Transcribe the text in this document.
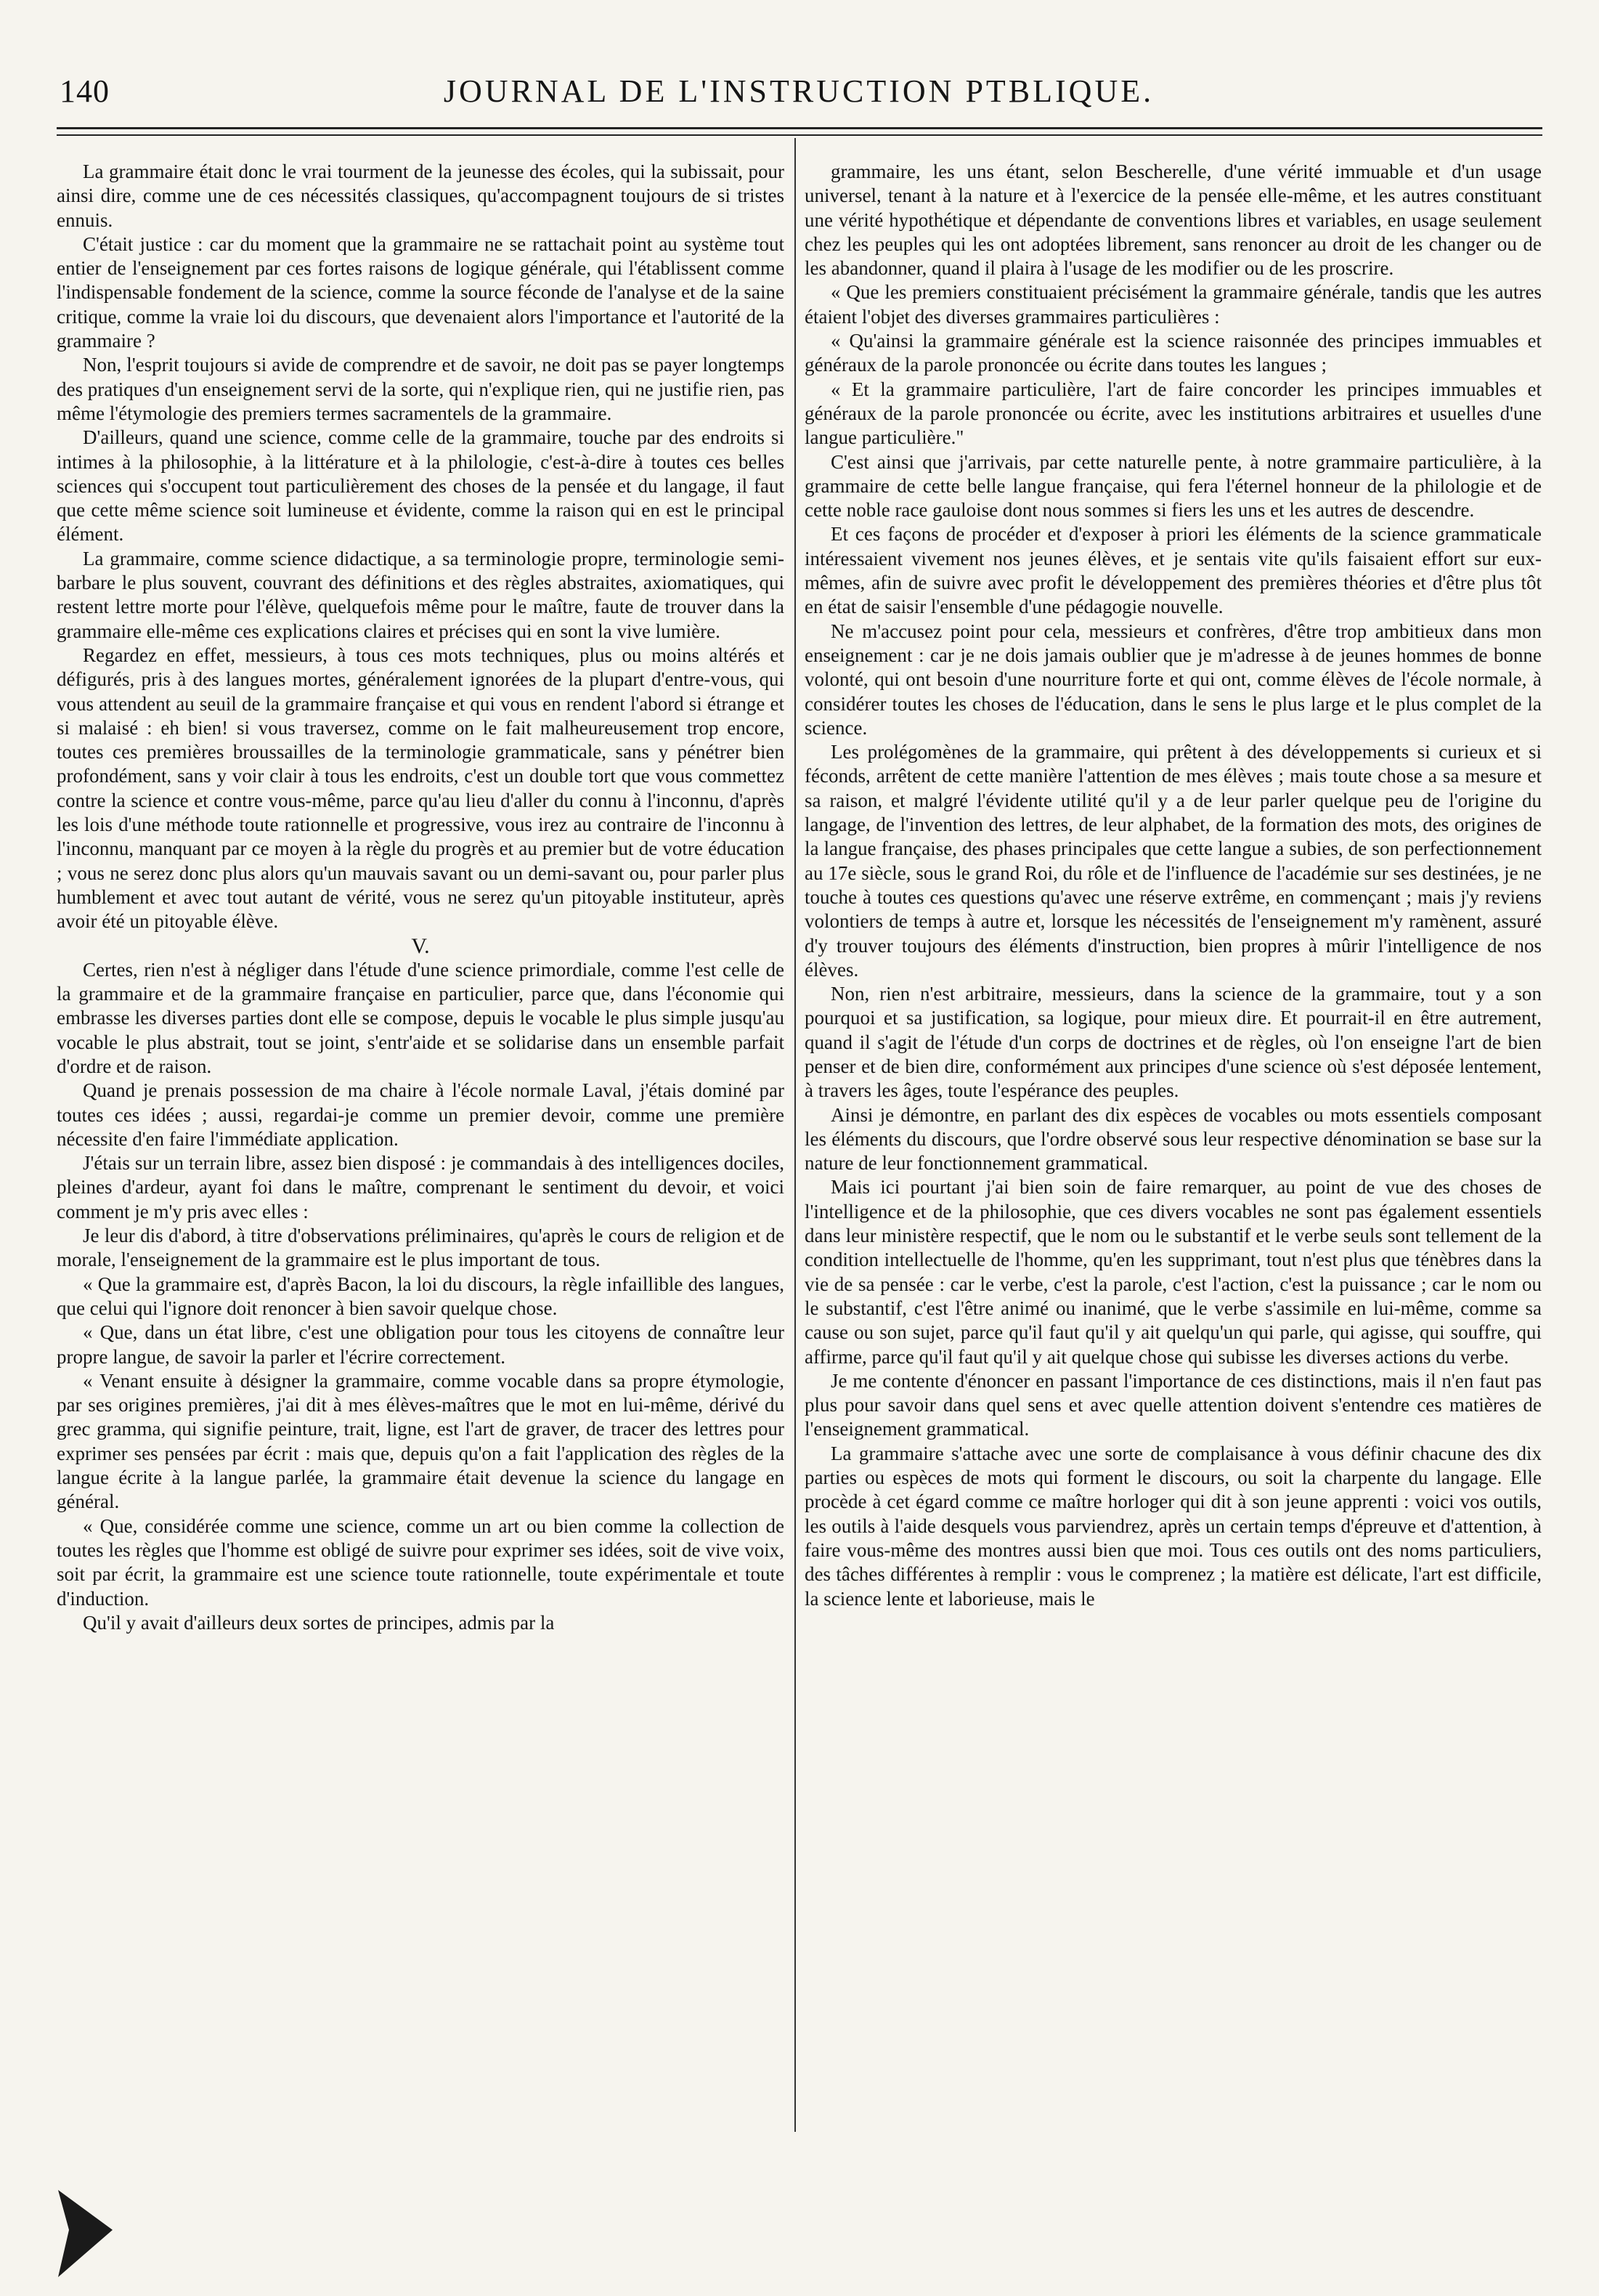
140	JOURNAL DE L'INSTRUCTION PTBLIQUE.

La grammaire était donc le vrai tourment de la jeunesse des écoles, qui la subissait, pour ainsi dire, comme une de ces nécessités classiques, qu'accompagnent toujours de si tristes ennuis.

C'était justice : car du moment que la grammaire ne se rattachait point au système tout entier de l'enseignement par ces fortes raisons de logique générale, qui l'établissent comme l'indispensable fondement de la science, comme la source féconde de l'analyse et de la saine critique, comme la vraie loi du discours, que devenaient alors l'importance et l'autorité de la grammaire ?

Non, l'esprit toujours si avide de comprendre et de savoir, ne doit pas se payer longtemps des pratiques d'un enseignement servi de la sorte, qui n'explique rien, qui ne justifie rien, pas même l'étymologie des premiers termes sacramentels de la grammaire.

D'ailleurs, quand une science, comme celle de la grammaire, touche par des endroits si intimes à la philosophie, à la littérature et à la philologie, c'est-à-dire à toutes ces belles sciences qui s'occupent tout particulièrement des choses de la pensée et du langage, il faut que cette même science soit lumineuse et évidente, comme la raison qui en est le principal élément.

La grammaire, comme science didactique, a sa terminologie propre, terminologie semi-barbare le plus souvent, couvrant des définitions et des règles abstraites, axiomatiques, qui restent lettre morte pour l'élève, quelquefois même pour le maître, faute de trouver dans la grammaire elle-même ces explications claires et précises qui en sont la vive lumière.

Regardez en effet, messieurs, à tous ces mots techniques, plus ou moins altérés et défigurés, pris à des langues mortes, généralement ignorées de la plupart d'entre-vous, qui vous attendent au seuil de la grammaire française et qui vous en rendent l'abord si étrange et si malaisé : eh bien! si vous traversez, comme on le fait malheureusement trop encore, toutes ces premières broussailles de la terminologie grammaticale, sans y pénétrer bien profondément, sans y voir clair à tous les endroits, c'est un double tort que vous commettez contre la science et contre vous-même, parce qu'au lieu d'aller du connu à l'inconnu, d'après les lois d'une méthode toute rationnelle et progressive, vous irez au contraire de l'inconnu à l'inconnu, manquant par ce moyen à la règle du progrès et au premier but de votre éducation ; vous ne serez donc plus alors qu'un mauvais savant ou un demi-savant ou, pour parler plus humblement et avec tout autant de vérité, vous ne serez qu'un pitoyable instituteur, après avoir été un pitoyable élève.

V.

Certes, rien n'est à négliger dans l'étude d'une science primordiale, comme l'est celle de la grammaire et de la grammaire française en particulier, parce que, dans l'économie qui embrasse les diverses parties dont elle se compose, depuis le vocable le plus simple jusqu'au vocable le plus abstrait, tout se joint, s'entr'aide et se solidarise dans un ensemble parfait d'ordre et de raison.

Quand je prenais possession de ma chaire à l'école normale Laval, j'étais dominé par toutes ces idées ; aussi, regardai-je comme un premier devoir, comme une première nécessite d'en faire l'immédiate application.

J'étais sur un terrain libre, assez bien disposé : je commandais à des intelligences dociles, pleines d'ardeur, ayant foi dans le maître, comprenant le sentiment du devoir, et voici comment je m'y pris avec elles :

Je leur dis d'abord, à titre d'observations préliminaires, qu'après le cours de religion et de morale, l'enseignement de la grammaire est le plus important de tous.

« Que la grammaire est, d'après Bacon, la loi du discours, la règle infaillible des langues, que celui qui l'ignore doit renoncer à bien savoir quelque chose.

« Que, dans un état libre, c'est une obligation pour tous les citoyens de connaître leur propre langue, de savoir la parler et l'écrire correctement.

« Venant ensuite à désigner la grammaire, comme vocable dans sa propre étymologie, par ses origines premières, j'ai dit à mes élèves-maîtres que le mot en lui-même, dérivé du grec gramma, qui signifie peinture, trait, ligne, est l'art de graver, de tracer des lettres pour exprimer ses pensées par écrit : mais que, depuis qu'on a fait l'application des règles de la langue écrite à la langue parlée, la grammaire était devenue la science du langage en général.

« Que, considérée comme une science, comme un art ou bien comme la collection de toutes les règles que l'homme est obligé de suivre pour exprimer ses idées, soit de vive voix, soit par écrit, la grammaire est une science toute rationnelle, toute expérimentale et toute d'induction.

Qu'il y avait d'ailleurs deux sortes de principes, admis par la

grammaire, les uns étant, selon Bescherelle, d'une vérité immuable et d'un usage universel, tenant à la nature et à l'exercice de la pensée elle-même, et les autres constituant une vérité hypothétique et dépendante de conventions libres et variables, en usage seulement chez les peuples qui les ont adoptées librement, sans renoncer au droit de les changer ou de les abandonner, quand il plaira à l'usage de les modifier ou de les proscrire.

« Que les premiers constituaient précisément la grammaire générale, tandis que les autres étaient l'objet des diverses grammaires particulières :

« Qu'ainsi la grammaire générale est la science raisonnée des principes immuables et généraux de la parole prononcée ou écrite dans toutes les langues ;

« Et la grammaire particulière, l'art de faire concorder les principes immuables et généraux de la parole prononcée ou écrite, avec les institutions arbitraires et usuelles d'une langue particulière."

C'est ainsi que j'arrivais, par cette naturelle pente, à notre grammaire particulière, à la grammaire de cette belle langue française, qui fera l'éternel honneur de la philologie et de cette noble race gauloise dont nous sommes si fiers les uns et les autres de descendre.

Et ces façons de procéder et d'exposer à priori les éléments de la science grammaticale intéressaient vivement nos jeunes élèves, et je sentais vite qu'ils faisaient effort sur eux-mêmes, afin de suivre avec profit le développement des premières théories et d'être plus tôt en état de saisir l'ensemble d'une pédagogie nouvelle.

Ne m'accusez point pour cela, messieurs et confrères, d'être trop ambitieux dans mon enseignement : car je ne dois jamais oublier que je m'adresse à de jeunes hommes de bonne volonté, qui ont besoin d'une nourriture forte et qui ont, comme élèves de l'école normale, à considérer toutes les choses de l'éducation, dans le sens le plus large et le plus complet de la science.

Les prolégomènes de la grammaire, qui prêtent à des développements si curieux et si féconds, arrêtent de cette manière l'attention de mes élèves ; mais toute chose a sa mesure et sa raison, et malgré l'évidente utilité qu'il y a de leur parler quelque peu de l'origine du langage, de l'invention des lettres, de leur alphabet, de la formation des mots, des origines de la langue française, des phases principales que cette langue a subies, de son perfectionnement au 17e siècle, sous le grand Roi, du rôle et de l'influence de l'académie sur ses destinées, je ne touche à toutes ces questions qu'avec une réserve extrême, en commençant ; mais j'y reviens volontiers de temps à autre et, lorsque les nécessités de l'enseignement m'y ramènent, assuré d'y trouver toujours des éléments d'instruction, bien propres à mûrir l'intelligence de nos élèves.

Non, rien n'est arbitraire, messieurs, dans la science de la grammaire, tout y a son pourquoi et sa justification, sa logique, pour mieux dire. Et pourrait-il en être autrement, quand il s'agit de l'étude d'un corps de doctrines et de règles, où l'on enseigne l'art de bien penser et de bien dire, conformément aux principes d'une science où s'est déposée lentement, à travers les âges, toute l'espérance des peuples.

Ainsi je démontre, en parlant des dix espèces de vocables ou mots essentiels composant les éléments du discours, que l'ordre observé sous leur respective dénomination se base sur la nature de leur fonctionnement grammatical.

Mais ici pourtant j'ai bien soin de faire remarquer, au point de vue des choses de l'intelligence et de la philosophie, que ces divers vocables ne sont pas également essentiels dans leur ministère respectif, que le nom ou le substantif et le verbe seuls sont tellement de la condition intellectuelle de l'homme, qu'en les supprimant, tout n'est plus que ténèbres dans la vie de sa pensée : car le verbe, c'est la parole, c'est l'action, c'est la puissance ; car le nom ou le substantif, c'est l'être animé ou inanimé, que le verbe s'assimile en lui-même, comme sa cause ou son sujet, parce qu'il faut qu'il y ait quelqu'un qui parle, qui agisse, qui souffre, qui affirme, parce qu'il faut qu'il y ait quelque chose qui subisse les diverses actions du verbe.

Je me contente d'énoncer en passant l'importance de ces distinctions, mais il n'en faut pas plus pour savoir dans quel sens et avec quelle attention doivent s'entendre ces matières de l'enseignement grammatical.

La grammaire s'attache avec une sorte de complaisance à vous définir chacune des dix parties ou espèces de mots qui forment le discours, ou soit la charpente du langage. Elle procède à cet égard comme ce maître horloger qui dit à son jeune apprenti : voici vos outils, les outils à l'aide desquels vous parviendrez, après un certain temps d'épreuve et d'attention, à faire vous-même des montres aussi bien que moi. Tous ces outils ont des noms particuliers, des tâches différentes à remplir : vous le comprenez ; la matière est délicate, l'art est difficile, la science lente et laborieuse, mais le
